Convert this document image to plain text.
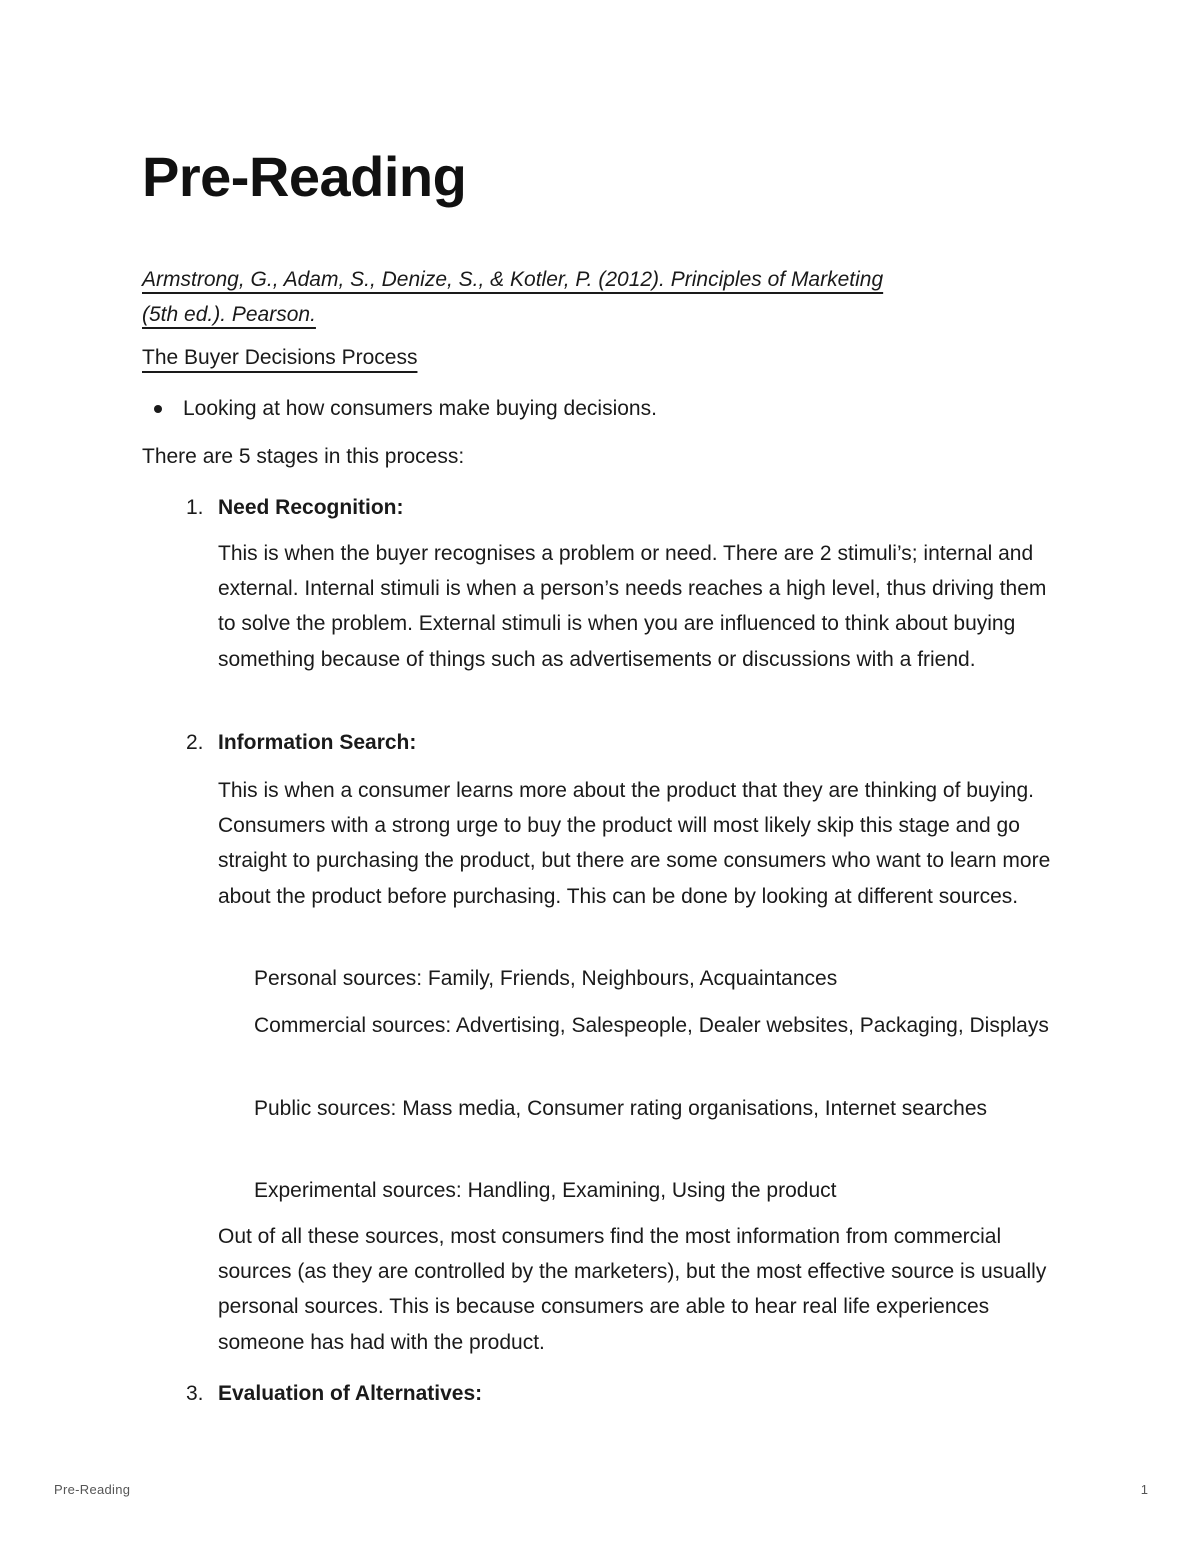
Pre-Reading

Armstrong, G., Adam, S., Denize, S., & Kotler, P. (2012). Principles of Marketing (5th ed.). Pearson.

The Buyer Decisions Process

Looking at how consumers make buying decisions.

There are 5 stages in this process:

1. Need Recognition:

This is when the buyer recognises a problem or need. There are 2 stimuli’s; internal and external. Internal stimuli is when a person’s needs reaches a high level, thus driving them to solve the problem. External stimuli is when you are influenced to think about buying something because of things such as advertisements or discussions with a friend.

2. Information Search:

This is when a consumer learns more about the product that they are thinking of buying. Consumers with a strong urge to buy the product will most likely skip this stage and go straight to purchasing the product, but there are some consumers who want to learn more about the product before purchasing. This can be done by looking at different sources.

Personal sources: Family, Friends, Neighbours, Acquaintances

Commercial sources: Advertising, Salespeople, Dealer websites, Packaging, Displays

Public sources: Mass media, Consumer rating organisations, Internet searches

Experimental sources: Handling, Examining, Using the product

Out of all these sources, most consumers find the most information from commercial sources (as they are controlled by the marketers), but the most effective source is usually personal sources. This is because consumers are able to hear real life experiences someone has had with the product.

3. Evaluation of Alternatives:

Pre-Reading	1
